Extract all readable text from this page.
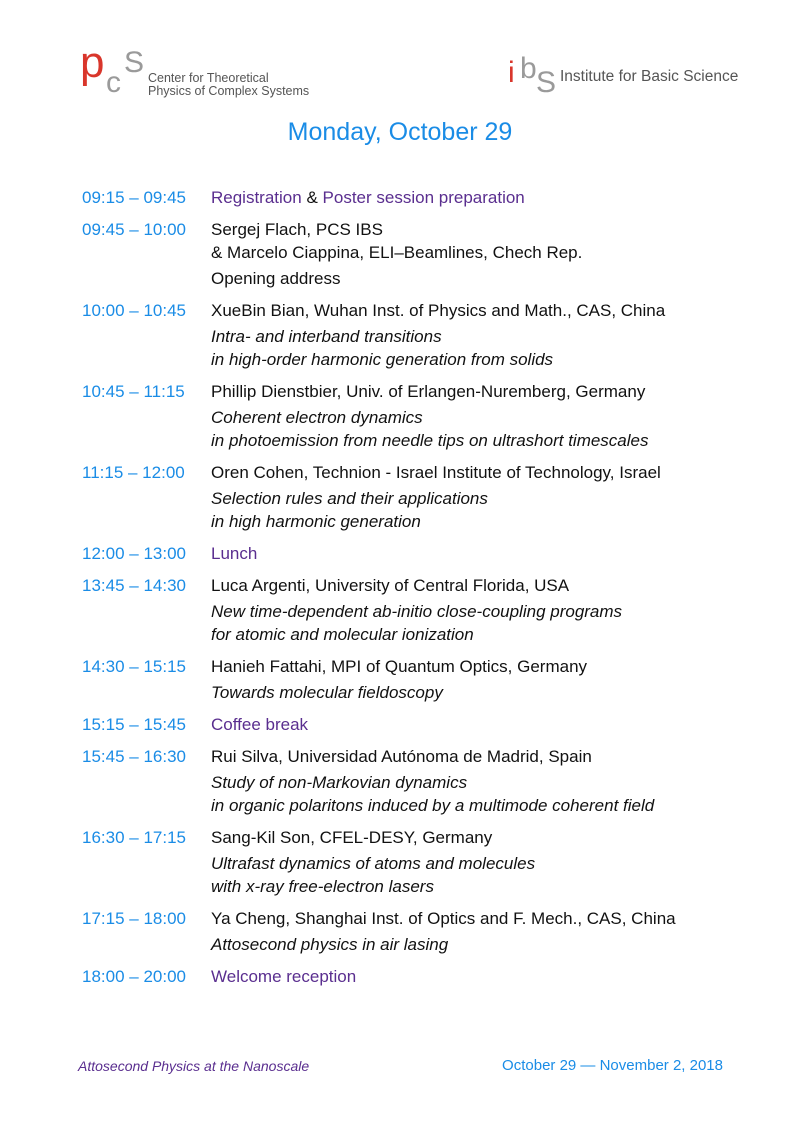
p c
S Center for Theoretical
Physics of Complex Systems
i b S Institute for Basic Science
Monday, October 29
09:15 – 09:45	Registration & Poster session preparation
09:45 – 10:00	Sergej Flach, PCS IBS
& Marcelo Ciappina, ELI–Beamlines, Chech Rep.
Opening address
10:00 – 10:45	XueBin Bian, Wuhan Inst. of Physics and Math., CAS, China
Intra- and interband transitions
in high-order harmonic generation from solids
10:45 – 11:15	Phillip Dienstbier, Univ. of Erlangen-Nuremberg, Germany
Coherent electron dynamics
in photoemission from needle tips on ultrashort timescales
11:15 – 12:00	Oren Cohen, Technion - Israel Institute of Technology, Israel
Selection rules and their applications
in high harmonic generation
12:00 – 13:00	Lunch
13:45 – 14:30	Luca Argenti, University of Central Florida, USA
New time-dependent ab-initio close-coupling programs
for atomic and molecular ionization
14:30 – 15:15	Hanieh Fattahi, MPI of Quantum Optics, Germany
Towards molecular fieldoscopy
15:15 – 15:45	Coffee break
15:45 – 16:30	Rui Silva, Universidad Autónoma de Madrid, Spain
Study of non-Markovian dynamics
in organic polaritons induced by a multimode coherent field
16:30 – 17:15	Sang-Kil Son, CFEL-DESY, Germany
Ultrafast dynamics of atoms and molecules
with x-ray free-electron lasers
17:15 – 18:00	Ya Cheng, Shanghai Inst. of Optics and F. Mech., CAS, China
Attosecond physics in air lasing
18:00 – 20:00	Welcome reception
Attosecond Physics at the Nanoscale	October 29 — November 2, 2018
